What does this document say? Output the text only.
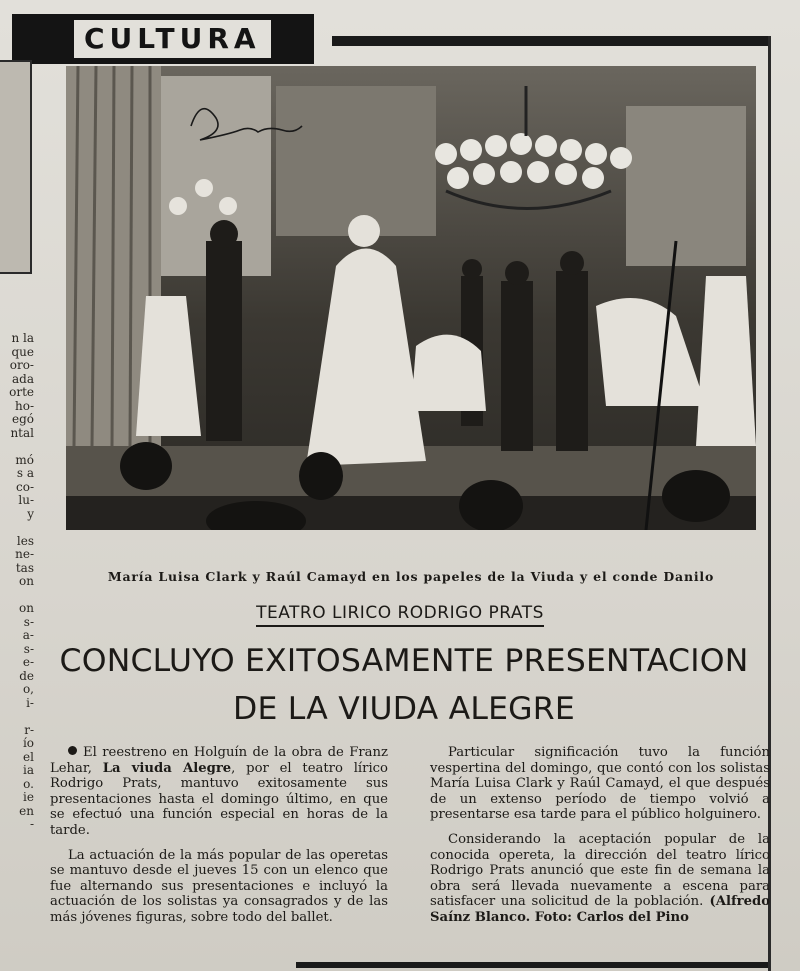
CULTURA
n la
que
oro-
ada
orte
ho-
egó
ntal
mó
s a
co-
lu-
y
les
ne-
tas
on
on
s-
a-
s-
e-
de
o,
i-
r-
ío
el
ia
o.
ie
en
-
María Luisa Clark y Raúl Camayd en los papeles de la Viuda y el conde Danilo
TEATRO LIRICO RODRIGO PRATS
CONCLUYO EXITOSAMENTE PRESENTACION
DE LA VIUDA ALEGRE

El reestreno en Holguín de la obra de Franz Lehar, La viuda Alegre, por el teatro lírico Rodrigo Prats, mantuvo exitosamente sus presentaciones hasta el domingo último, en que se efectuó una función especial en horas de la tarde.

La actuación de la más popular de las operetas se mantuvo desde el jueves 15 con un elenco que fue alternando sus presentaciones e incluyó la actuación de los solistas ya consagrados y de las más jóvenes figuras, sobre todo del ballet.

Particular significación tuvo la función vespertina del domingo, que contó con los solistas María Luisa Clark y Raúl Camayd, el que después de un extenso período de tiempo volvió a presentarse esa tarde para el público holguinero.

Considerando la aceptación popular de la conocida opereta, la dirección del teatro lírico Rodrigo Prats anunció que este fin de semana la obra será llevada nuevamente a escena para satisfacer una solicitud de la población. (Alfredo Saínz Blanco. Foto: Carlos del Pino
